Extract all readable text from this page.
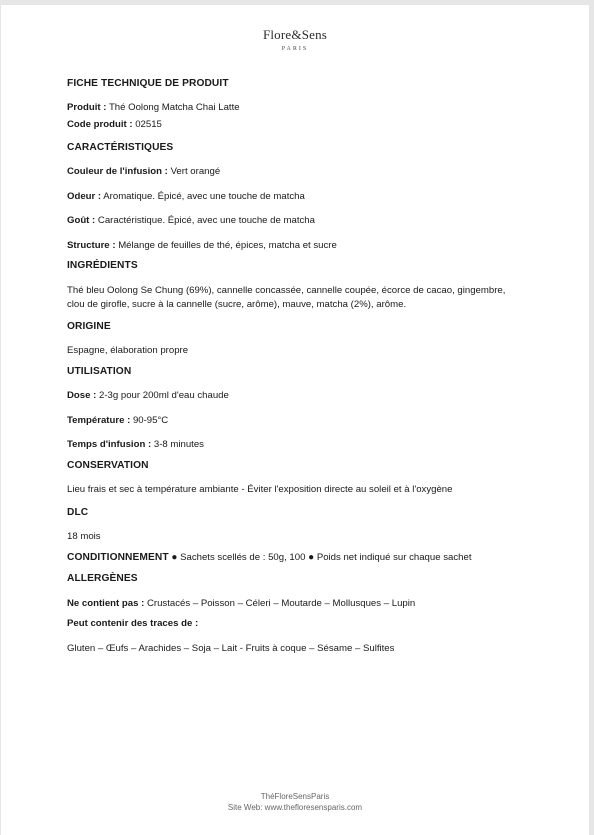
Flore&Sens
PARIS
FICHE TECHNIQUE DE PRODUIT
Produit : Thé Oolong Matcha Chai Latte
Code produit : 02515
CARACTÉRISTIQUES
Couleur de l'infusion : Vert orangé
Odeur : Aromatique. Épicé, avec une touche de matcha
Goût : Caractéristique. Épicé, avec une touche de matcha
Structure : Mélange de feuilles de thé, épices, matcha et sucre
INGRÉDIENTS

Thé bleu Oolong Se Chung (69%), cannelle concassée, cannelle coupée, écorce de cacao, gingembre, clou de girofle, sucre à la cannelle (sucre, arôme), mauve, matcha (2%), arôme.

ORIGINE

Espagne, élaboration propre

UTILISATION
Dose : 2-3g pour 200ml d'eau chaude
Température : 90-95°C
Temps d'infusion : 3-8 minutes
CONSERVATION

Lieu frais et sec à température ambiante - Éviter l'exposition directe au soleil et à l'oxygène

DLC

18 mois

CONDITIONNEMENT ● Sachets scellés de : 50g, 100 ● Poids net indiqué sur chaque sachet
ALLERGÈNES
Ne contient pas : Crustacés – Poisson – Céleri – Moutarde – Mollusques – Lupin
Peut contenir des traces de :
Gluten – Œufs – Arachides – Soja – Lait - Fruits à coque – Sésame – Sulfites
ThéFloreSensParis
Site Web: www.thefloresensparis.com
